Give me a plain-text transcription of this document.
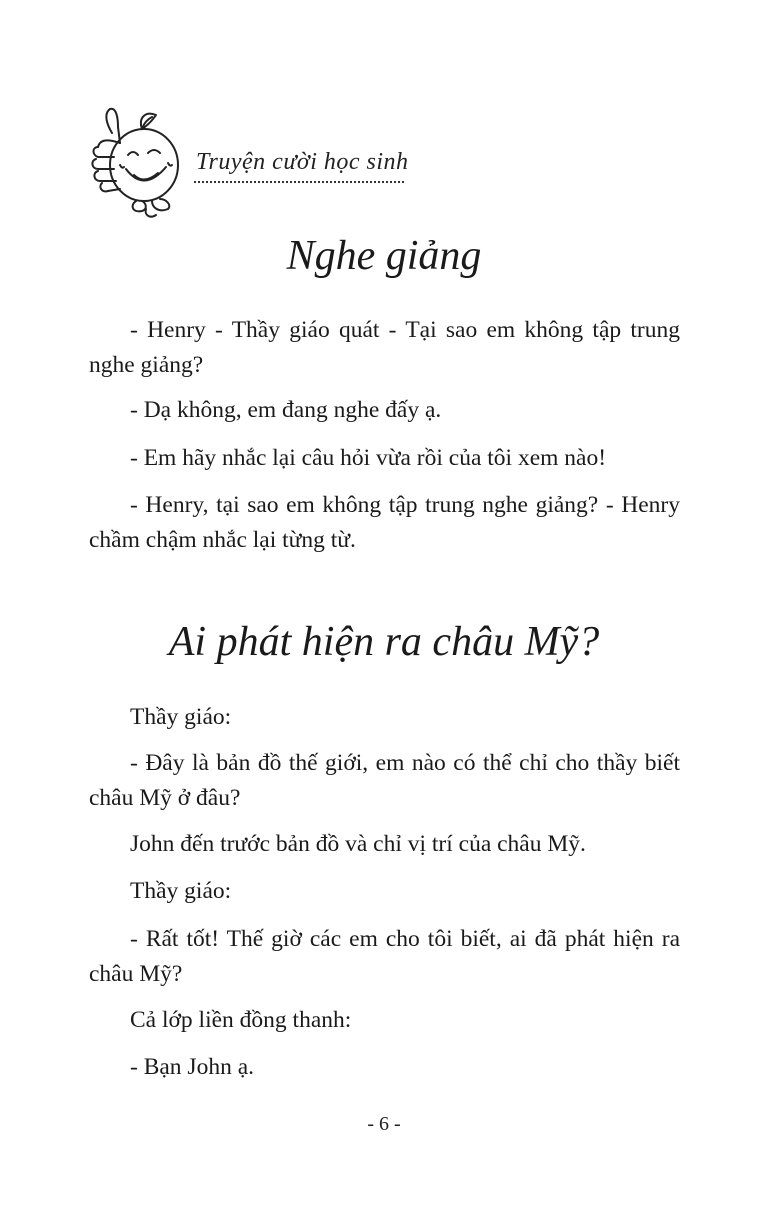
Truyện cười học sinh
Nghe giảng

- Henry - Thầy giáo quát - Tại sao em không tập trung nghe giảng?

- Dạ không, em đang nghe đấy ạ.

- Em hãy nhắc lại câu hỏi vừa rồi của tôi xem nào!

- Henry, tại sao em không tập trung nghe giảng? - Henry chầm chậm nhắc lại từng từ.

Ai phát hiện ra châu Mỹ?

Thầy giáo:

- Đây là bản đồ thế giới, em nào có thể chỉ cho thầy biết châu Mỹ ở đâu?

John đến trước bản đồ và chỉ vị trí của châu Mỹ.

Thầy giáo:

- Rất tốt! Thế giờ các em cho tôi biết, ai đã phát hiện ra châu Mỹ?

Cả lớp liền đồng thanh:

- Bạn John ạ.

- 6 -
